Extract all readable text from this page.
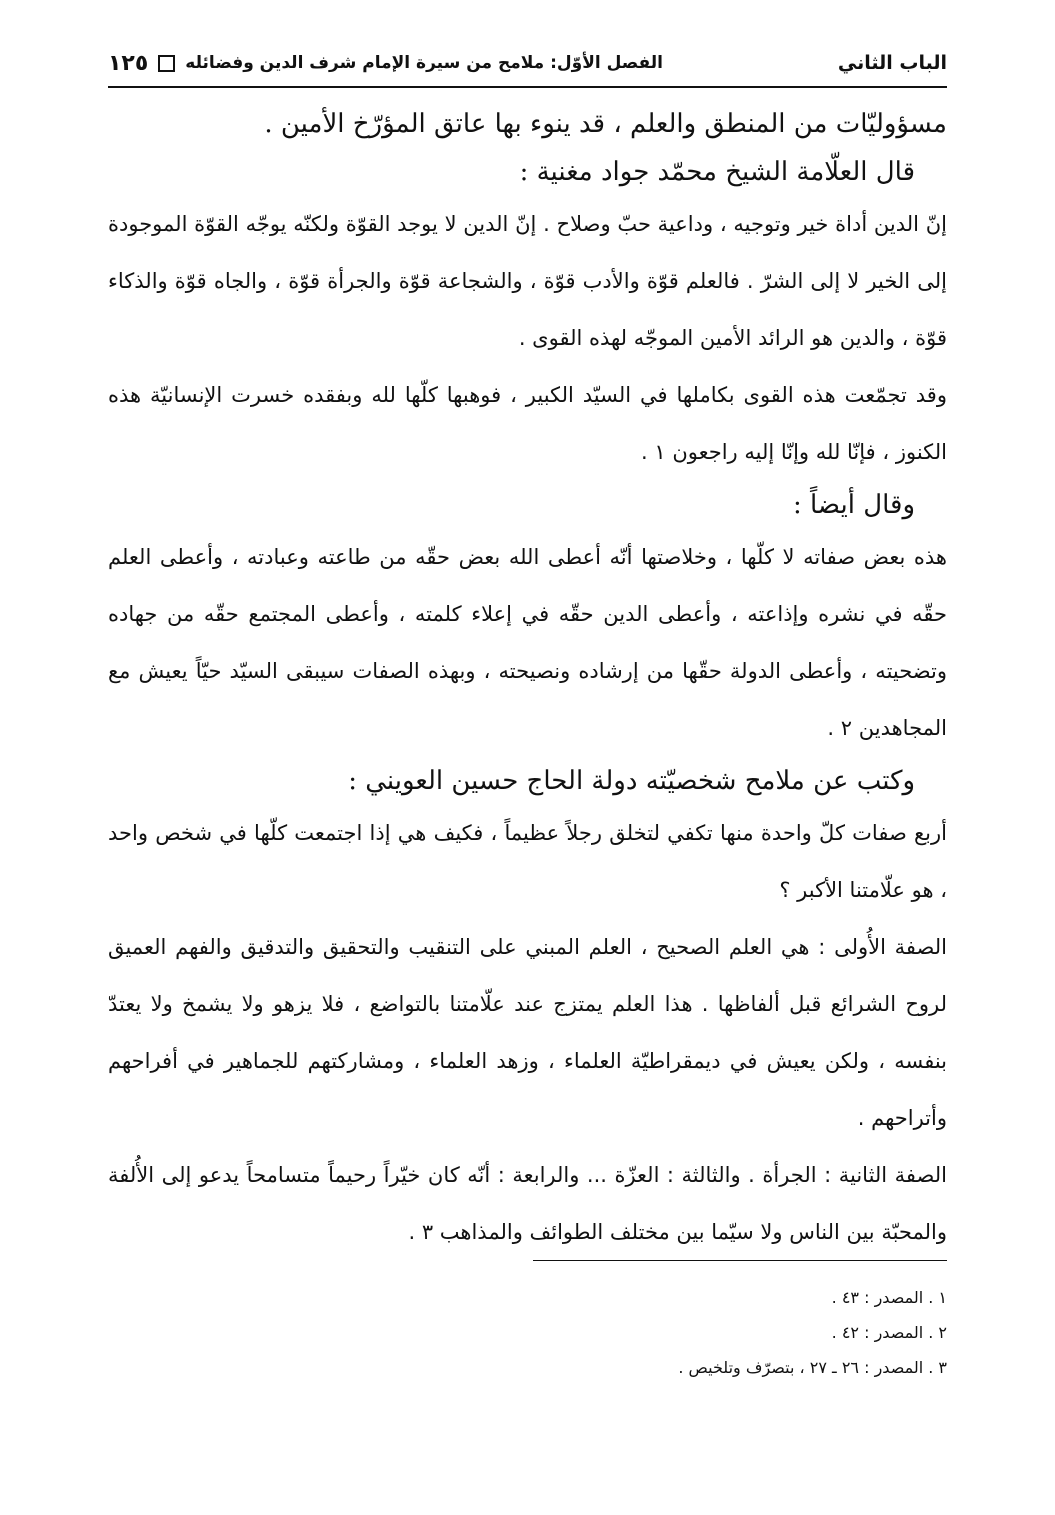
الباب الثاني
الفصل الأوّل: ملامح من سيرة الإمام شرف الدين وفضائله
١٢٥

مسؤوليّات من المنطق والعلم ، قد ينوء بها عاتق المؤرّخ الأمين .

قال العلّامة الشيخ محمّد جواد مغنية :

إنّ الدين أداة خير وتوجيه ، وداعية حبّ وصلاح . إنّ الدين لا يوجد القوّة ولكنّه يوجّه القوّة الموجودة إلى الخير لا إلى الشرّ . فالعلم قوّة والأدب قوّة ، والشجاعة قوّة والجرأة قوّة ، والجاه قوّة والذكاء قوّة ، والدين هو الرائد الأمين الموجّه لهذه القوى .

وقد تجمّعت هذه القوى بكاملها في السيّد الكبير ، فوهبها كلّها لله وبفقده خسرت الإنسانيّة هذه الكنوز ، فإنّا لله وإنّا إليه راجعون ١ .

وقال أيضاً :

هذه بعض صفاته لا كلّها ، وخلاصتها أنّه أعطى الله بعض حقّه من طاعته وعبادته ، وأعطى العلم حقّه في نشره وإذاعته ، وأعطى الدين حقّه في إعلاء كلمته ، وأعطى المجتمع حقّه من جهاده وتضحيته ، وأعطى الدولة حقّها من إرشاده ونصيحته ، وبهذه الصفات سيبقى السيّد حيّاً يعيش مع المجاهدين ٢ .

وكتب عن ملامح شخصيّته دولة الحاج حسين العويني :

أربع صفات كلّ واحدة منها تكفي لتخلق رجلاً عظيماً ، فكيف هي إذا اجتمعت كلّها في شخص واحد ، هو علّامتنا الأكبر ؟

الصفة الأُولى : هي العلم الصحيح ، العلم المبني على التنقيب والتحقيق والتدقيق والفهم العميق لروح الشرائع قبل ألفاظها . هذا العلم يمتزج عند علّامتنا بالتواضع ، فلا يزهو ولا يشمخ ولا يعتدّ بنفسه ، ولكن يعيش في ديمقراطيّة العلماء ، وزهد العلماء ، ومشاركتهم للجماهير في أفراحهم وأتراحهم .

الصفة الثانية : الجرأة . والثالثة : العزّة ... والرابعة : أنّه كان خيّراً رحيماً متسامحاً يدعو إلى الأُلفة والمحبّة بين الناس ولا سيّما بين مختلف الطوائف والمذاهب ٣ .

١ . المصدر : ٤٣ .
٢ . المصدر : ٤٢ .
٣ . المصدر : ٢٦ ـ ٢٧ ، بتصرّف وتلخيص .
